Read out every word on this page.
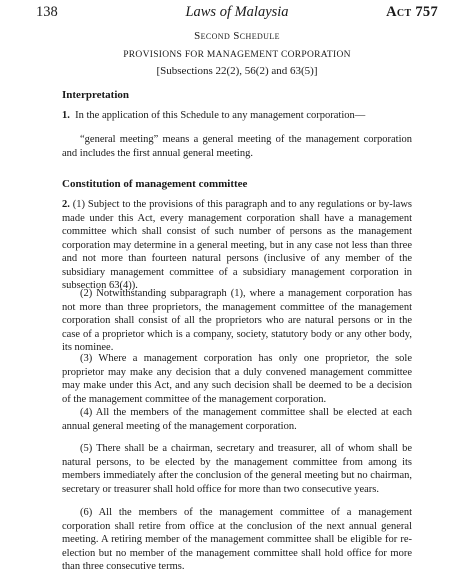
138	Laws of Malaysia	Act 757
Second Schedule
PROVISIONS FOR MANAGEMENT CORPORATION
[Subsections 22(2), 56(2) and 63(5)]
Interpretation
1. In the application of this Schedule to any management corporation—
“general meeting” means a general meeting of the management corporation and includes the first annual general meeting.
Constitution of management committee
2. (1) Subject to the provisions of this paragraph and to any regulations or by-laws made under this Act, every management corporation shall have a management committee which shall consist of such number of persons as the management corporation may determine in a general meeting, but in any case not less than three and not more than fourteen natural persons (inclusive of any member of the subsidiary management committee of a subsidiary management corporation in subsection 63(4)).
(2) Notwithstanding subparagraph (1), where a management corporation has not more than three proprietors, the management committee of the management corporation shall consist of all the proprietors who are natural persons or in the case of a proprietor which is a company, society, statutory body or any other body, its nominee.
(3) Where a management corporation has only one proprietor, the sole proprietor may make any decision that a duly convened management committee may make under this Act, and any such decision shall be deemed to be a decision of the management committee of the management corporation.
(4) All the members of the management committee shall be elected at each annual general meeting of the management corporation.
(5) There shall be a chairman, secretary and treasurer, all of whom shall be natural persons, to be elected by the management committee from among its members immediately after the conclusion of the general meeting but no chairman, secretary or treasurer shall hold office for more than two consecutive years.
(6) All the members of the management committee of a management corporation shall retire from office at the conclusion of the next annual general meeting. A retiring member of the management committee shall be eligible for re-election but no member of the management committee shall hold office for more than three consecutive terms.
